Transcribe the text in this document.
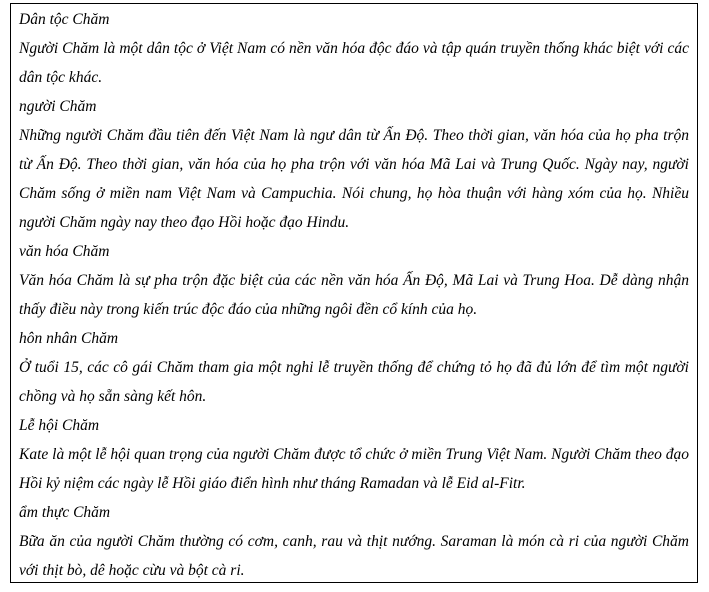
Dân tộc Chăm

Người Chăm là một dân tộc ở Việt Nam có nền văn hóa độc đáo và tập quán truyền thống khác biệt với các dân tộc khác.

người Chăm

Những người Chăm đầu tiên đến Việt Nam là ngư dân từ Ấn Độ. Theo thời gian, văn hóa của họ pha trộn từ Ấn Độ. Theo thời gian, văn hóa của họ pha trộn với văn hóa Mã Lai và Trung Quốc. Ngày nay, người Chăm sống ở miền nam Việt Nam và Campuchia. Nói chung, họ hòa thuận với hàng xóm của họ. Nhiều người Chăm ngày nay theo đạo Hồi hoặc đạo Hindu.

văn hóa Chăm

Văn hóa Chăm là sự pha trộn đặc biệt của các nền văn hóa Ấn Độ, Mã Lai và Trung Hoa. Dễ dàng nhận thấy điều này trong kiến trúc độc đáo của những ngôi đền cổ kính của họ.

hôn nhân Chăm

Ở tuổi 15, các cô gái Chăm tham gia một nghi lễ truyền thống để chứng tỏ họ đã đủ lớn để tìm một người chồng và họ sẵn sàng kết hôn.

Lễ hội Chăm

Kate là một lễ hội quan trọng của người Chăm được tổ chức ở miền Trung Việt Nam. Người Chăm theo đạo Hồi kỷ niệm các ngày lễ Hồi giáo điển hình như tháng Ramadan và lễ Eid al-Fitr.

ẩm thực Chăm

Bữa ăn của người Chăm thường có cơm, canh, rau và thịt nướng. Saraman là món cà ri của người Chăm với thịt bò, dê hoặc cừu và bột cà ri.
